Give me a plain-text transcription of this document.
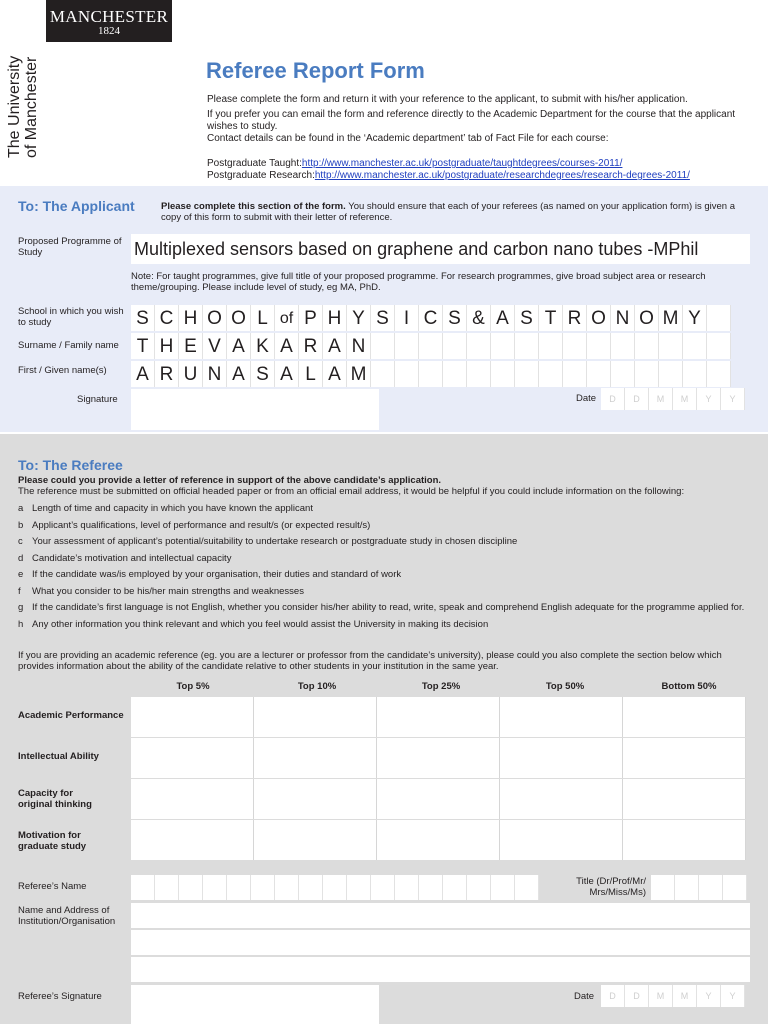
MANCHESTER
1824
The University of Manchester	Referee Report Form
Please complete the form and return it with your reference to the applicant, to submit with his/her application.
If you prefer you can email the form and reference directly to the Academic Department for the course that the applicant wishes to study.
Contact details can be found in the ‘Academic department’ tab of Fact File for each course:
Postgraduate Taught:http://www.manchester.ac.uk/postgraduate/taughtdegrees/courses-2011/
Postgraduate Research:http://www.manchester.ac.uk/postgraduate/researchdegrees/research-degrees-2011/
To: The Applicant	Please complete this section of the form. You should ensure that each of your referees (as named on your application form) is given a copy of this form to submit with their letter of reference.
Proposed Programme of Study	Multiplexed sensors based on graphene and carbon nano tubes -MPhil
Note: For taught programmes, give full title of your proposed programme. For research programmes, give broad subject area or research theme/grouping. Please include level of study, eg MA, PhD.
School in which you wish to study	S C H O O L of P H Y S I C S & A S T R O N O M Y
Surname / Family name T H E V A K A R A N
First / Given name(s) A R U N A S A L A M
Signature	Date	D	D	M	M	Y	Y
To: The Referee
Please could you provide a letter of reference in support of the above candidate’s application.
The reference must be submitted on official headed paper or from an official email address, it would be helpful if you could include information on the following:
a Length of time and capacity in which you have known the applicant
b Applicant’s qualifications, level of performance and result/s (or expected result/s)
c Your assessment of applicant’s potential/suitability to undertake research or postgraduate study in chosen discipline
d Candidate’s motivation and intellectual capacity
e If the candidate was/is employed by your organisation, their duties and standard of work
f What you consider to be his/her main strengths and weaknesses
g If the candidate’s first language is not English, whether you consider his/her ability to read, write, speak and comprehend English adequate for the programme applied for.
h Any other information you think relevant and which you feel would assist the University in making its decision
If you are providing an academic reference (eg. you are a lecturer or professor from the candidate’s university), please could you also complete the section below which provides information about the ability of the candidate relative to other students in your institution in the same year.
Top 5%	Top 10%	Top 25%	Top 50%	Bottom 50%
Academic Performance
Intellectual Ability
Capacity for original thinking
Motivation for graduate study
Referee’s Name	Title (Dr/Prof/Mr/ Mrs/Miss/Ms)
Name and Address of Institution/Organisation
Referee’s Signature	Date	D	D	M	M	Y	Y
